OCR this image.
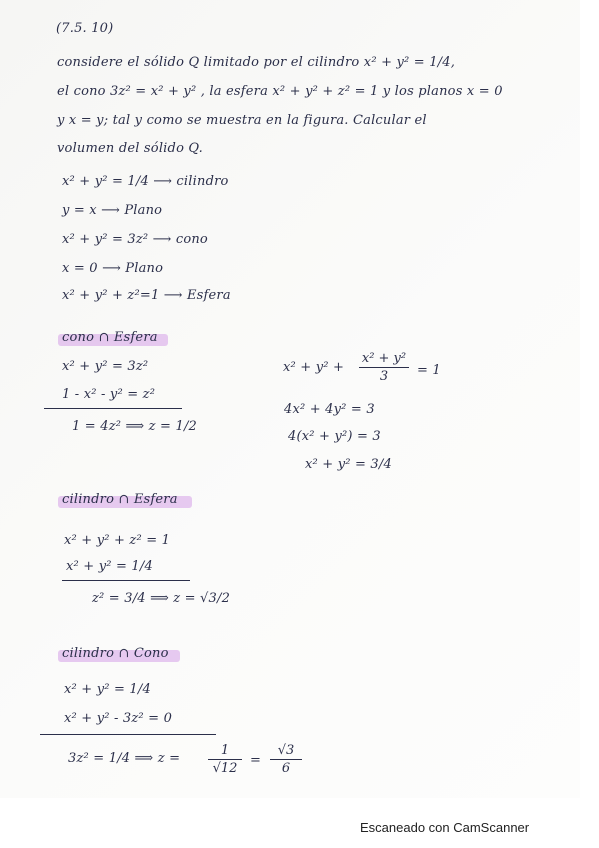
(7.5. 10)
considere el sólido Q limitado por el cilindro x² + y² = 1/4,
el cono 3z² = x² + y² , la esfera x² + y² + z² = 1 y los planos x = 0
y x = y; tal y como se muestra en la figura. Calcular el
volumen del sólido Q.
x² + y² = 1/4 ⟶ cilindro
y = x ⟶ Plano
x² + y² = 3z² ⟶ cono
x = 0 ⟶ Plano
x² + y² + z²=1 ⟶ Esfera
cono ∩ Esfera
x² + y² = 3z²
1 - x² - y² = z²
1 = 4z² ⟹ z = 1/2
x² + y² +
x² + y²
3	= 1
4x² + 4y² = 3
4(x² + y²) = 3
x² + y² = 3/4
cilindro ∩ Esfera
x² + y² + z² = 1
x² + y² = 1/4
z² = 3/4 ⟹ z = √3/2
cilindro ∩ Cono
x² + y² = 1/4
x² + y² - 3z² = 0
3z² = 1/4 ⟹ z =
1
√12
=
√3
6
Escaneado con CamScanner
